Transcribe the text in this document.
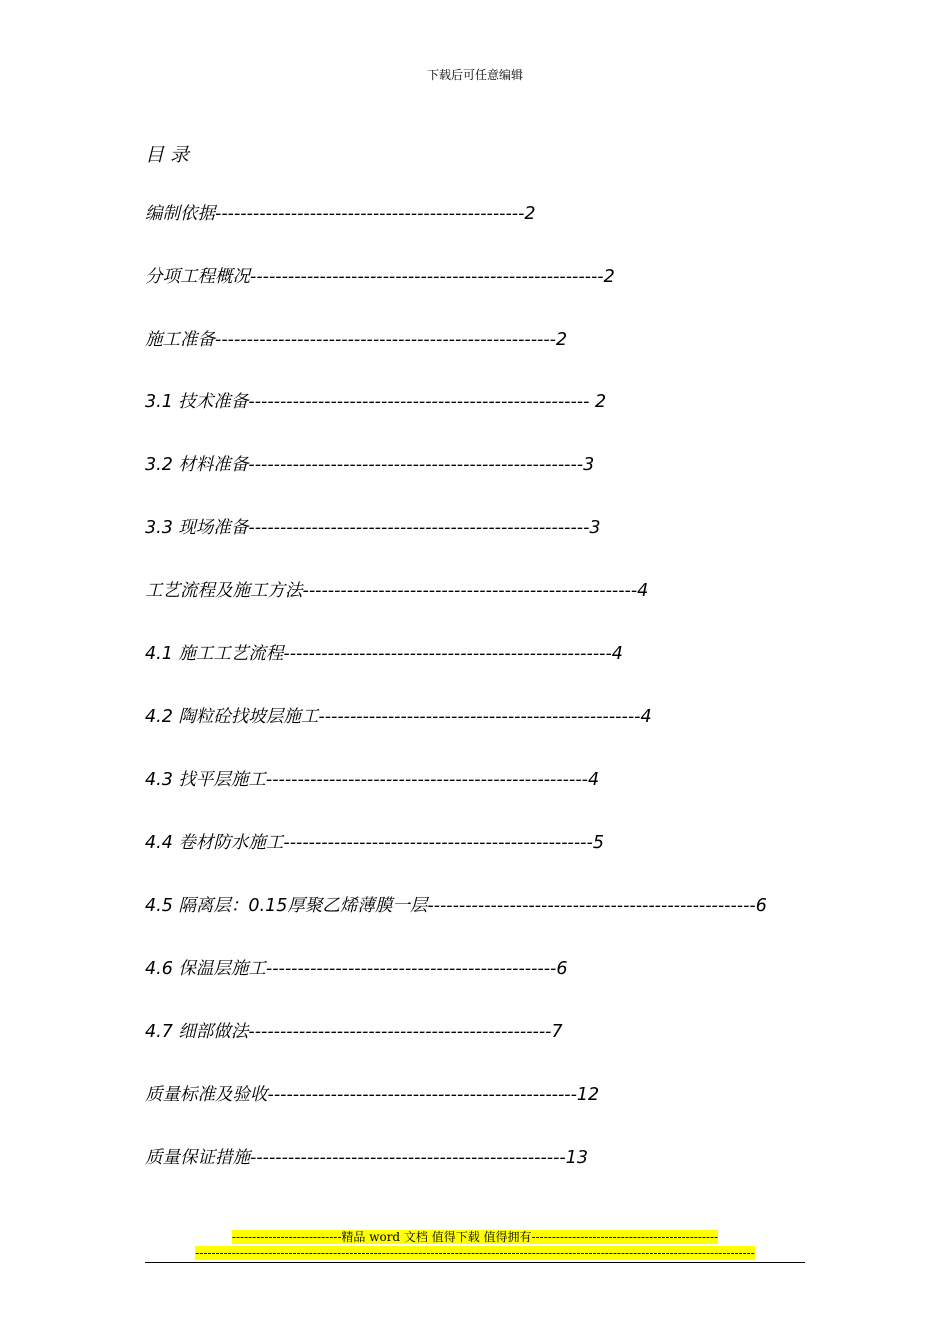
下载后可任意编辑
目 录
编制依据-------------------------------------------------2
分项工程概况--------------------------------------------------------2
施工准备------------------------------------------------------2
3.1 技术准备------------------------------------------------------ 2
3.2 材料准备-----------------------------------------------------3
3.3 现场准备------------------------------------------------------3
工艺流程及施工方法-----------------------------------------------------4
4.1 施工工艺流程----------------------------------------------------4
4.2 陶粒砼找坡层施工---------------------------------------------------4
4.3 找平层施工---------------------------------------------------4
4.4 卷材防水施工-------------------------------------------------5
4.5 隔离层：0.15厚聚乙烯薄膜一层----------------------------------------------------6
4.6 保温层施工----------------------------------------------6
4.7 细部做法------------------------------------------------7
质量标准及验收-------------------------------------------------12
质量保证措施--------------------------------------------------13
---------------------------精品 word 文档 值得下载 值得拥有----------------------------------------------
------------------------------------------------------------------------------------------------------------------------------------------
